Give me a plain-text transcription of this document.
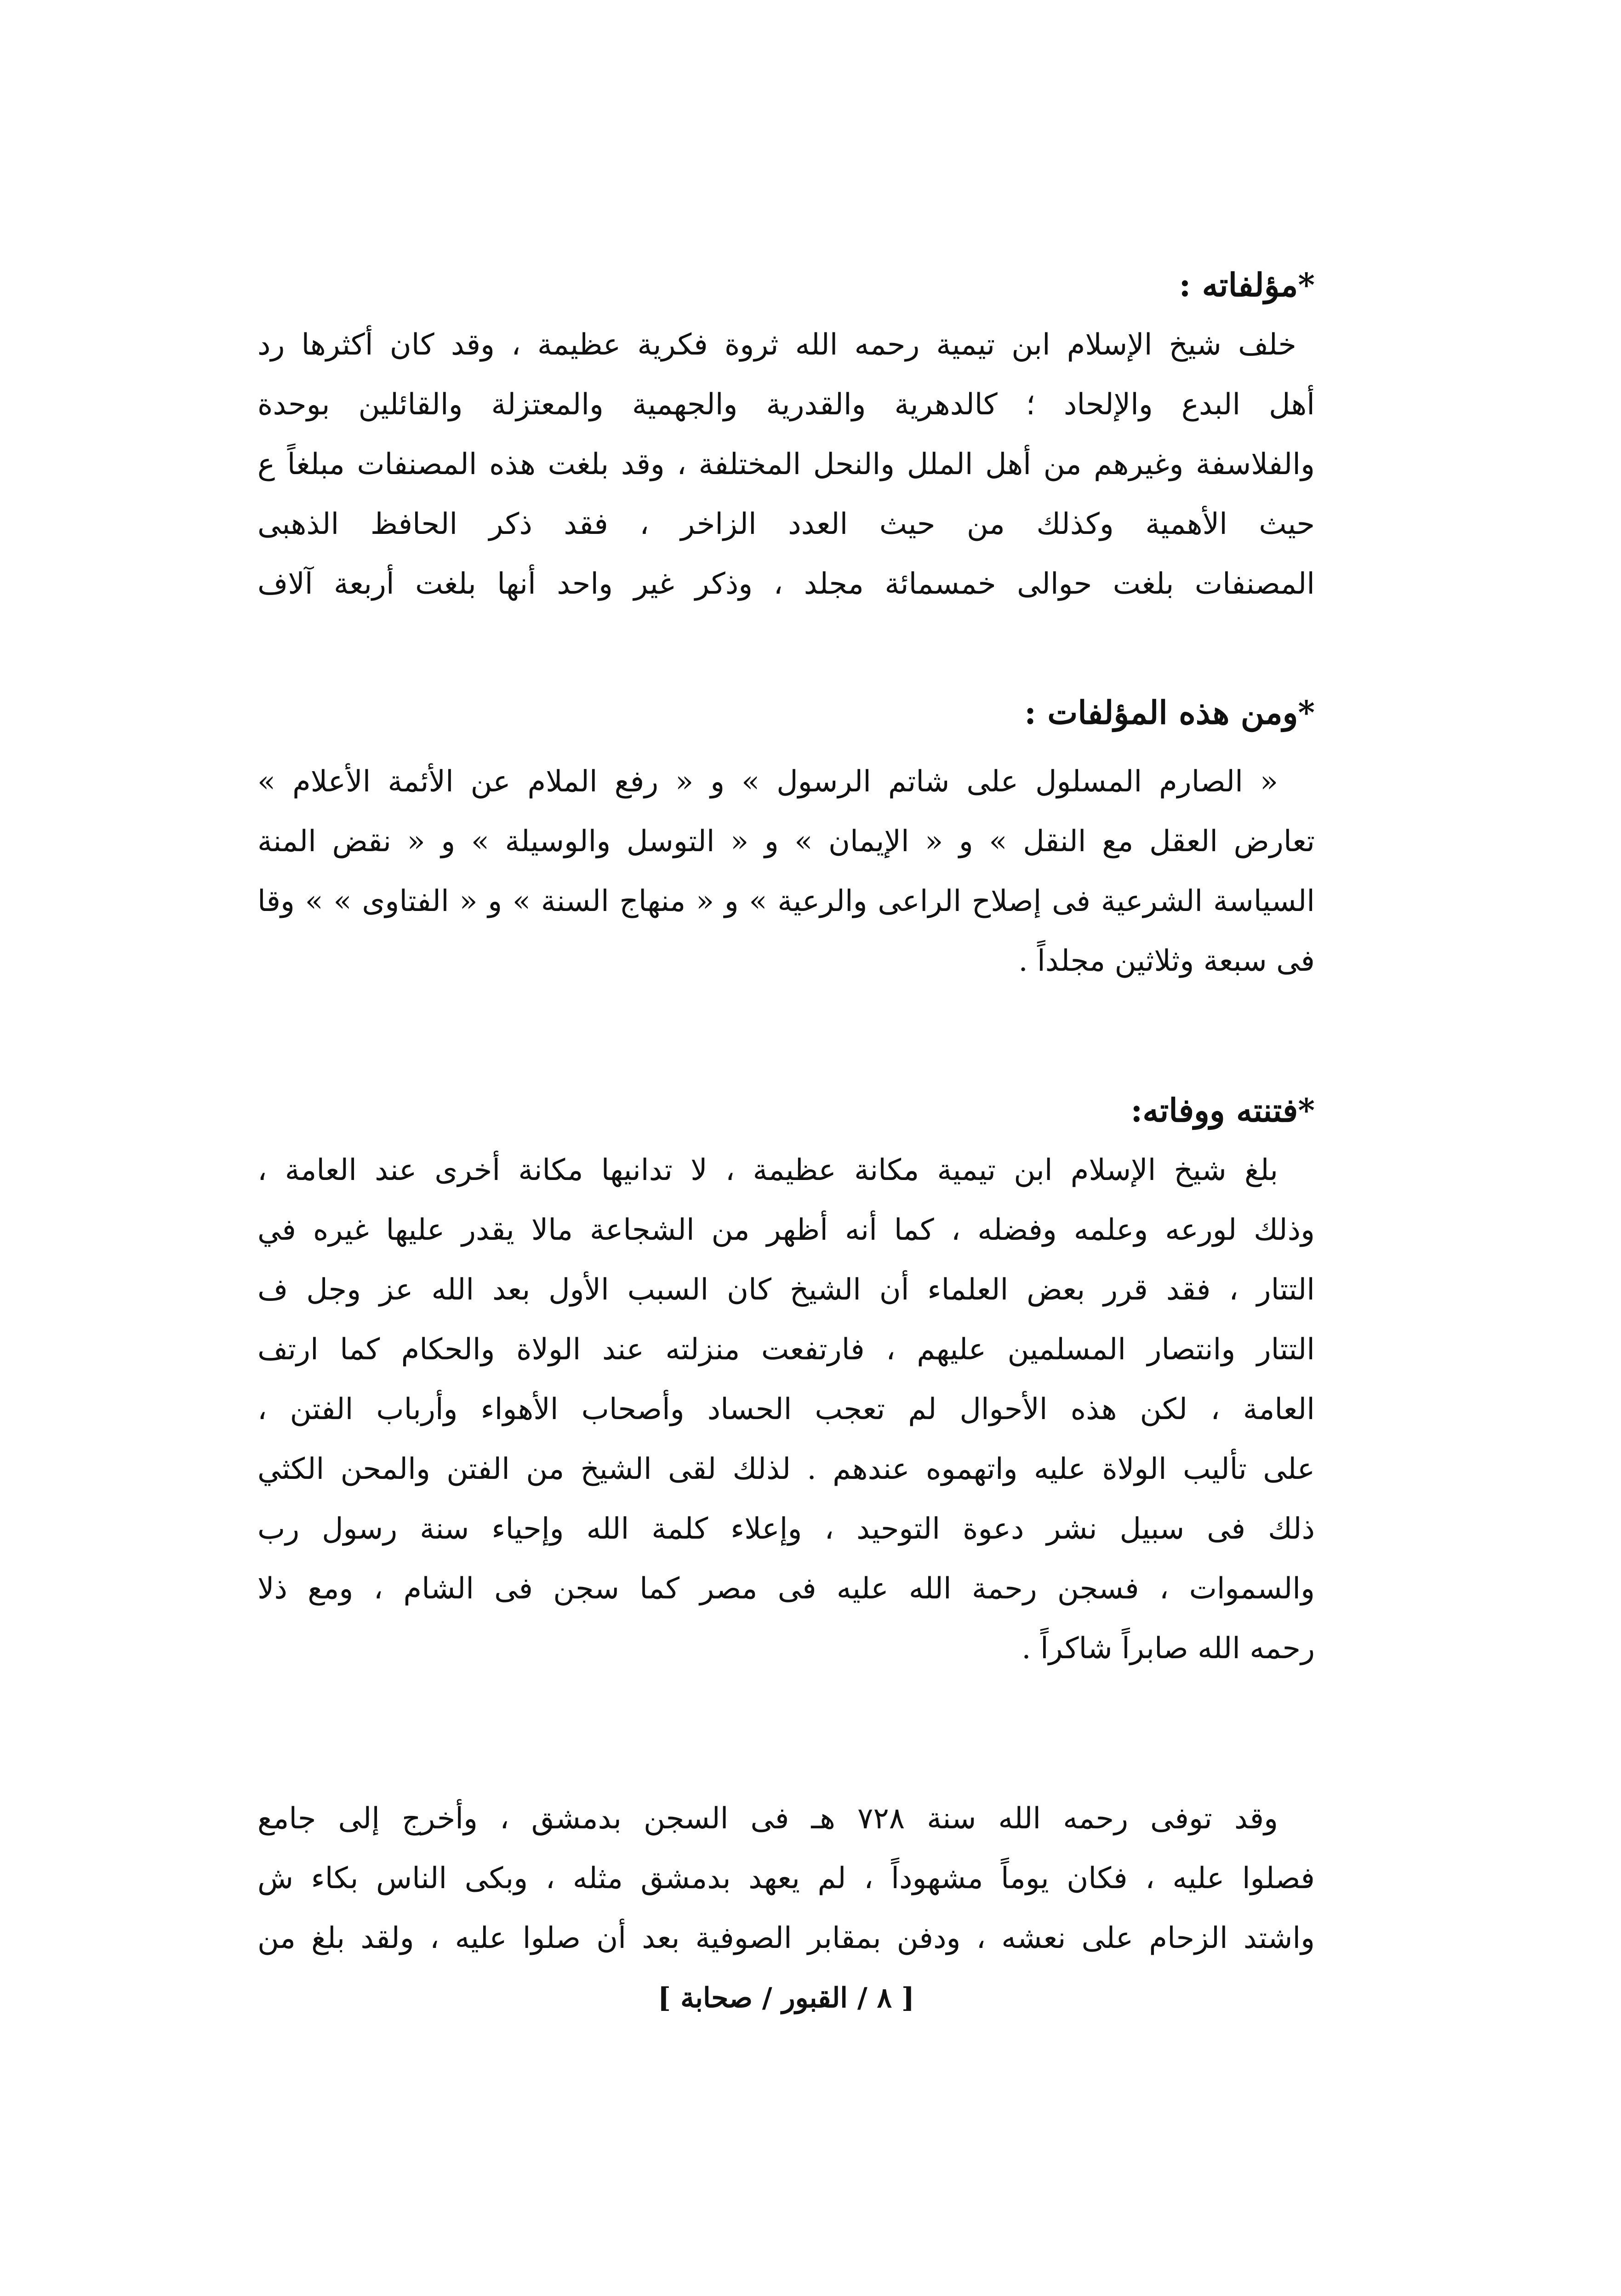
*مؤلفاته :
خلف شيخ الإسلام ابن تيمية رحمه الله ثروة فكرية عظيمة ، وقد كان أكثرها رد
أهل البدع والإلحاد ؛ كالدهرية والقدرية والجهمية والمعتزلة والقائلين بوحدة
والفلاسفة وغيرهم من أهل الملل والنحل المختلفة ، وقد بلغت هذه المصنفات مبلغاً ع
حيث الأهمية وكذلك من حيث العدد الزاخر ، فقد ذكر الحافظ الذهبى
المصنفات بلغت حوالى خمسمائة مجلد ، وذكر غير واحد أنها بلغت أربعة آلاف
*ومن هذه المؤلفات :
« الصارم المسلول على شاتم الرسول » و « رفع الملام عن الأئمة الأعلام »
تعارض العقل مع النقل » و « الإيمان » و « التوسل والوسيلة » و « نقض المنة
السياسة الشرعية فى إصلاح الراعى والرعية » و « منهاج السنة » و « الفتاوى » » وقا
فى سبعة وثلاثين مجلداً .
*فتنته ووفاته:
بلغ شيخ الإسلام ابن تيمية مكانة عظيمة ، لا تدانيها مكانة أخرى عند العامة ،
وذلك لورعه وعلمه وفضله ، كما أنه أظهر من الشجاعة مالا يقدر عليها غيره في
التتار ، فقد قرر بعض العلماء أن الشيخ كان السبب الأول بعد الله عز وجل ف
التتار وانتصار المسلمين عليهم ، فارتفعت منزلته عند الولاة والحكام كما ارتف
العامة ، لكن هذه الأحوال لم تعجب الحساد وأصحاب الأهواء وأرباب الفتن ،
على تأليب الولاة عليه واتهموه عندهم . لذلك لقى الشيخ من الفتن والمحن الكثي
ذلك فى سبيل نشر دعوة التوحيد ، وإعلاء كلمة الله وإحياء سنة رسول رب
والسموات ، فسجن رحمة الله عليه فى مصر كما سجن فى الشام ، ومع ذلا
رحمه الله صابراً شاكراً .
وقد توفى رحمه الله سنة ٧٢٨ هـ فى السجن بدمشق ، وأخرج إلى جامع
فصلوا عليه ، فكان يوماً مشهوداً ، لم يعهد بدمشق مثله ، وبكى الناس بكاء ش
واشتد الزحام على نعشه ، ودفن بمقابر الصوفية بعد أن صلوا عليه ، ولقد بلغ من
[ ٨ / القبور / صحابة ]
